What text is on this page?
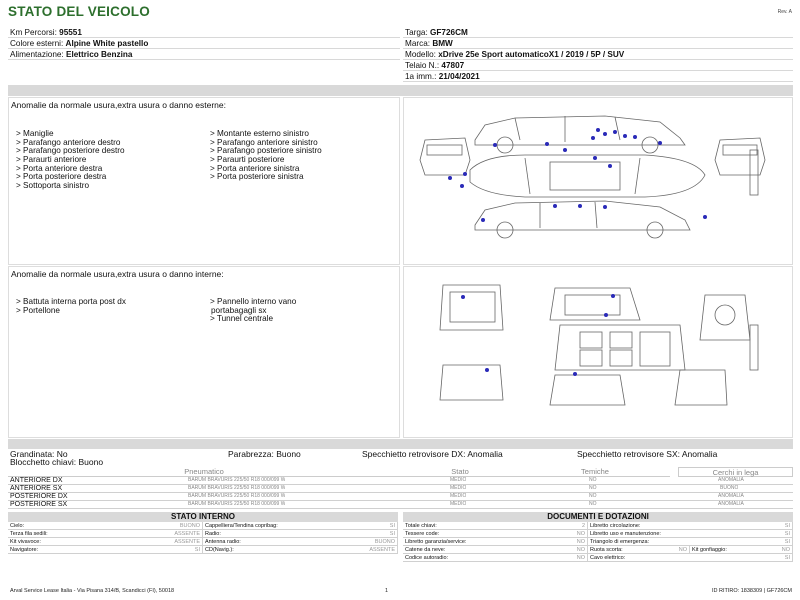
STATO DEL VEICOLO	Rev. A
Km Percorsi: 95551
Colore esterni: Alpine White pastello
Alimentazione: Elettrico Benzina
Targa: GF726CM
Marca: BMW
Modello: xDrive 25e Sport automaticoX1 / 2019 / 5P / SUV
Telaio N.: 47807
1a imm.: 21/04/2021
Anomalie da normale usura,extra usura o danno esterne:

> Maniglie
> Parafango anteriore destro
> Parafango posteriore destro
> Paraurti anteriore
> Porta anteriore destra
> Porta posteriore destra
> Sottoporta sinistro

> Montante esterno sinistro
> Parafango anteriore sinistro
> Parafango posteriore sinistro
> Paraurti posteriore
> Porta anteriore sinistra
> Porta posteriore sinistra

Anomalie da normale usura,extra usura o danno interne:

> Battuta interna porta post dx
> Portellone

> Pannello interno vano
portabagagli sx
> Tunnel centrale

Grandinata: No	Parabrezza: Buono	Specchietto retrovisore DX: Anomalia	Specchietto retrovisore SX: Anomalia
Blocchetto chiavi: Buono
Pneumatico	Stato	Temiche	Cerchi in lega
ANTERIORE DX	BARUM BRAVURIS 225/50 R18 000/099 W	MEDIO	NO	ANOMALIA
ANTERIORE SX	BARUM BRAVURIS 225/50 R18 000/099 W	MEDIO	NO	BUONO
POSTERIORE DX	BARUM BRAVURIS 225/50 R18 000/099 W	MEDIO	NO	ANOMALIA
POSTERIORE SX	BARUM BRAVURIS 225/50 R18 000/099 W	MEDIO	NO	ANOMALIA
STATO INTERNO
Cielo:	BUONO Cappelliera/Tendina copribag:	SI
Terza fila sedili:	ASSENTE Radio:	SI
Kit vivavoce:	ASSENTE Antenna radio:	BUONO
Navigatore:	SI CD(Navig.):	ASSENTE
DOCUMENTI E DOTAZIONI
Totale chiavi:	2 Libretto circolazione:	SI
Tessere code:	NO Libretto uso e manutenzione:	SI
Libretto garanzia/service:	NO Triangolo di emergenza:	SI
Catene da neve:	NO Ruota scorta:	NO Kit gonfiaggio:	NO
Codice autoradio:	NO Cavo elettrico:	SI
Arval Service Lease Italia - Via Pisana 314/B, Scandicci (FI), 50018	1	ID RITIRO: 1838309 | GF726CM
